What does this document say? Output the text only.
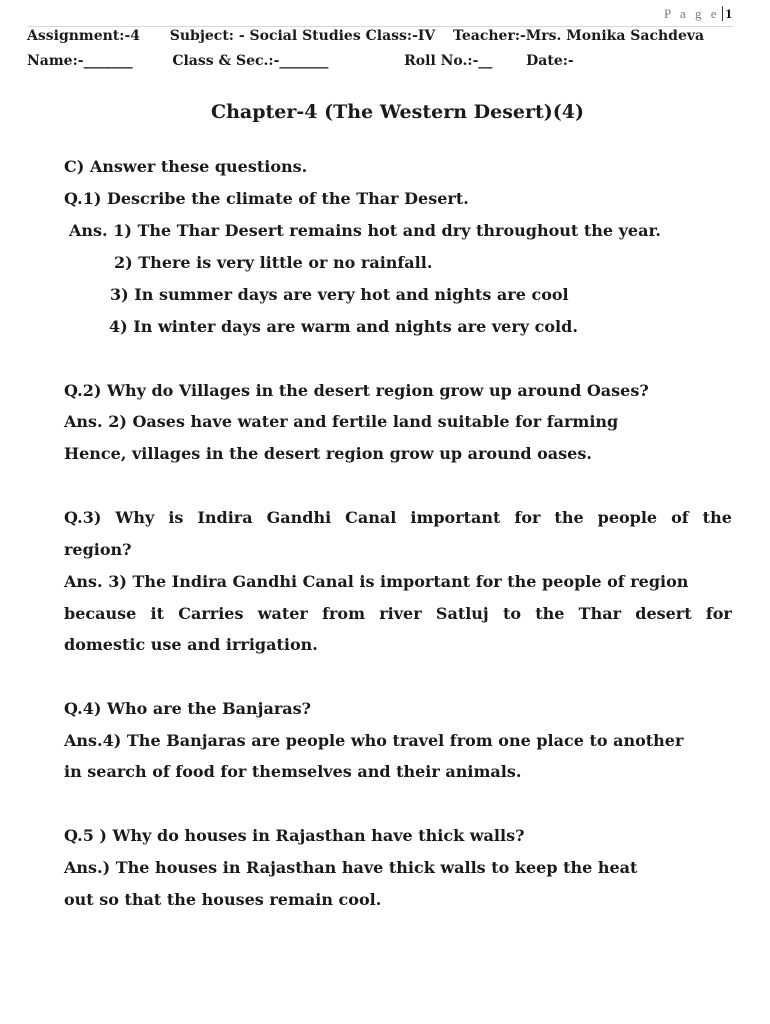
P a g e 1
Assignment:-4 Subject: - Social Studies Class:-IV Teacher:-Mrs. Monika Sachdeva
Name:-_______	Class & Sec.:-_______	Roll No.:-__ Date:-
Chapter-4 (The Western Desert)(4)
C) Answer these questions.
Q.1) Describe the climate of the Thar Desert.
Ans. 1) The Thar Desert remains hot and dry throughout the year.
2) There is very little or no rainfall.
3) In summer days are very hot and nights are cool
4) In winter days are warm and nights are very cold.
Q.2) Why do Villages in the desert region grow up around Oases?
Ans. 2) Oases have water and fertile land suitable for farming
Hence, villages in the desert region grow up around oases.
Q.3) Why is Indira Gandhi Canal important for the people of the
region?
Ans. 3) The Indira Gandhi Canal is important for the people of region
because it Carries water from river Satluj to the Thar desert for
domestic use and irrigation.
Q.4) Who are the Banjaras?
Ans.4) The Banjaras are people who travel from one place to another
in search of food for themselves and their animals.
Q.5 ) Why do houses in Rajasthan have thick walls?
Ans.) The houses in Rajasthan have thick walls to keep the heat
out so that the houses remain cool.
